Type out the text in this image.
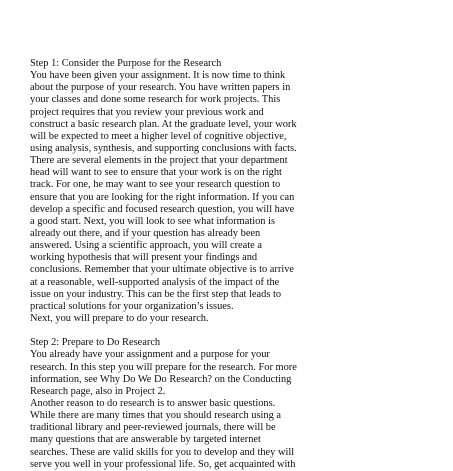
Step 1: Consider the Purpose for the Research
You have been given your assignment. It is now time to think
about the purpose of your research. You have written papers in
your classes and done some research for work projects. This
project requires that you review your previous work and
construct a basic research plan. At the graduate level, your work
will be expected to meet a higher level of cognitive objective,
using analysis, synthesis, and supporting conclusions with facts.
There are several elements in the project that your department
head will want to see to ensure that your work is on the right
track. For one, he may want to see your research question to
ensure that you are looking for the right information. If you can
develop a specific and focused research question, you will have
a good start. Next, you will look to see what information is
already out there, and if your question has already been
answered. Using a scientific approach, you will create a
working hypothesis that will present your findings and
conclusions. Remember that your ultimate objective is to arrive
at a reasonable, well-supported analysis of the impact of the
issue on your industry. This can be the first step that leads to
practical solutions for your organization’s issues.
Next, you will prepare to do your research.
Step 2: Prepare to Do Research
You already have your assignment and a purpose for your
research. In this step you will prepare for the research. For more
information, see Why Do We Do Research? on the Conducting
Research page, also in Project 2.
Another reason to do research is to answer basic questions.
While there are many times that you should research using a
traditional library and peer-reviewed journals, there will be
many questions that are answerable by targeted internet
searches. These are valid skills for you to develop and they will
serve you well in your professional life. So, get acquainted with
